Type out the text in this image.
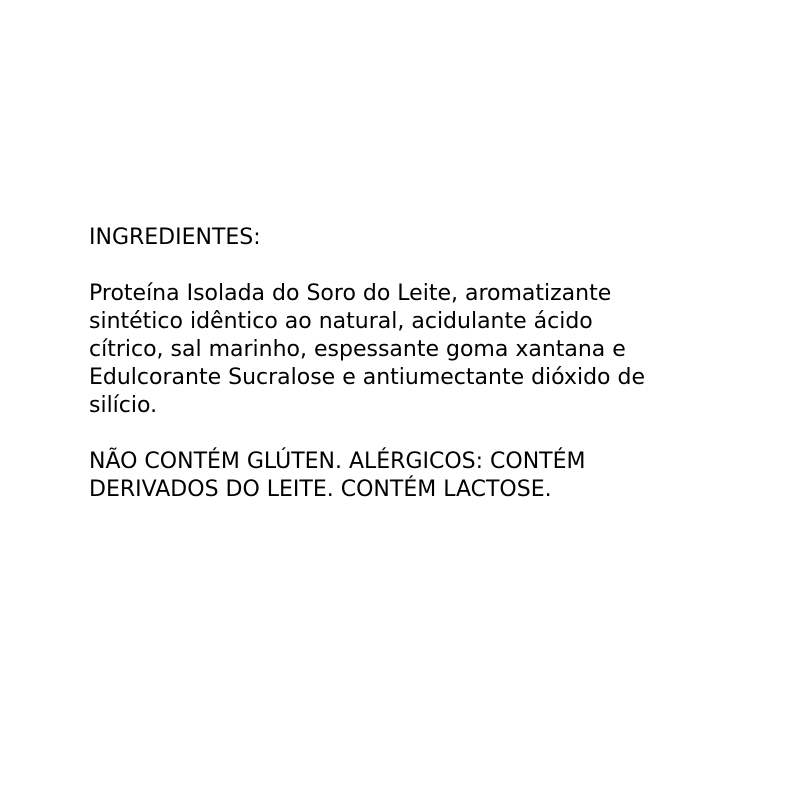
INGREDIENTES:

Proteína Isolada do Soro do Leite, aromatizante
sintético idêntico ao natural, acidulante ácido
cítrico, sal marinho, espessante goma xantana e
Edulcorante Sucralose e antiumectante dióxido de
silício.

NÃO CONTÉM GLÚTEN. ALÉRGICOS: CONTÉM
DERIVADOS DO LEITE. CONTÉM LACTOSE.
